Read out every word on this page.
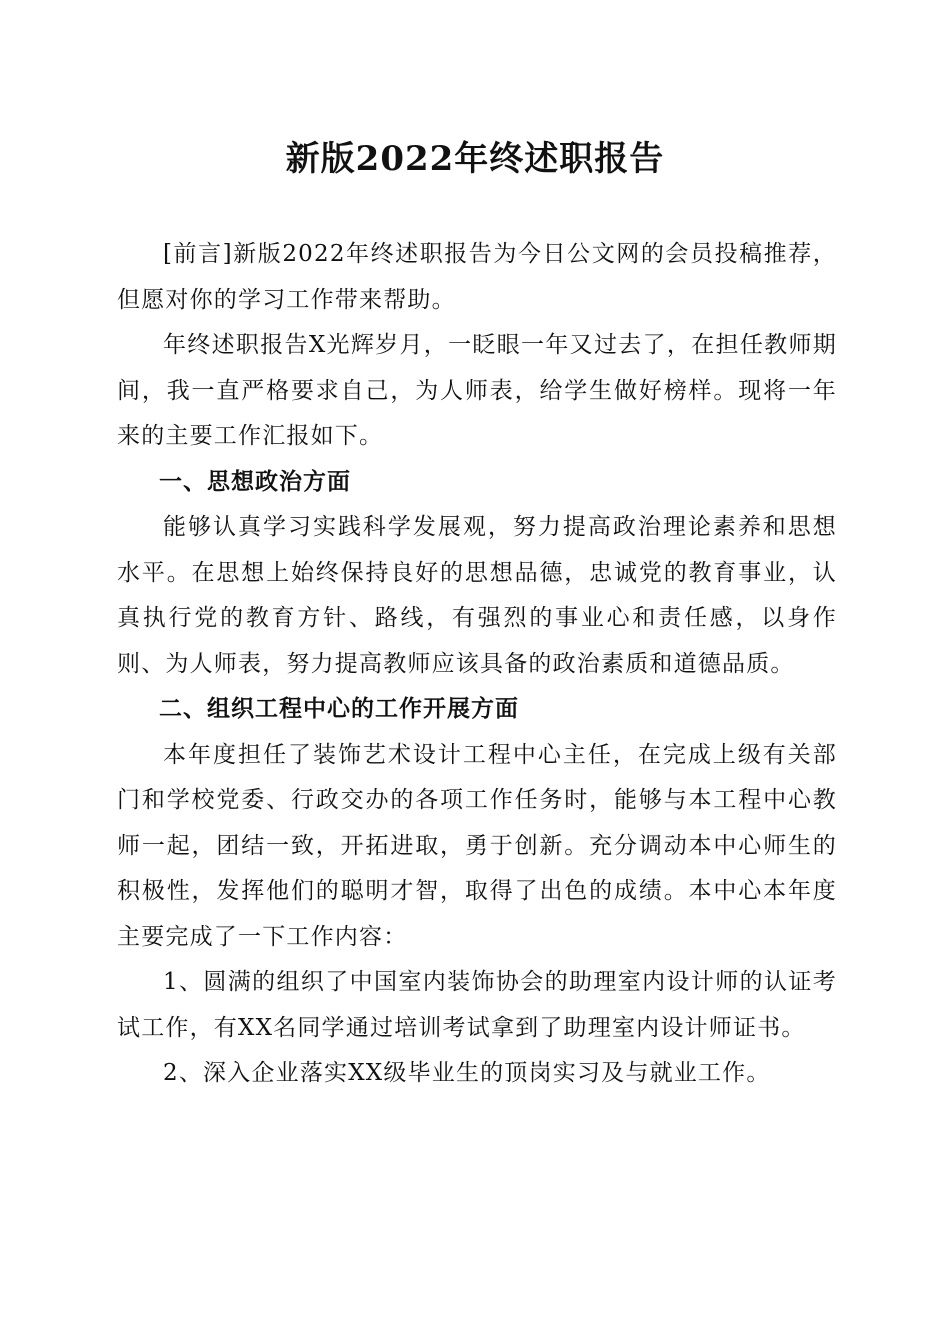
新版2022年终述职报告

[前言]新版2022年终述职报告为今日公文网的会员投稿推荐，但愿对你的学习工作带来帮助。

年终述职报告X光辉岁月，一眨眼一年又过去了，在担任教师期间，我一直严格要求自己，为人师表，给学生做好榜样。现将一年来的主要工作汇报如下。

一、思想政治方面

能够认真学习实践科学发展观，努力提高政治理论素养和思想水平。在思想上始终保持良好的思想品德，忠诚党的教育事业，认真执行党的教育方针、路线，有强烈的事业心和责任感，以身作则、为人师表，努力提高教师应该具备的政治素质和道德品质。

二、组织工程中心的工作开展方面

本年度担任了装饰艺术设计工程中心主任，在完成上级有关部门和学校党委、行政交办的各项工作任务时，能够与本工程中心教师一起，团结一致，开拓进取，勇于创新。充分调动本中心师生的积极性，发挥他们的聪明才智，取得了出色的成绩。本中心本年度主要完成了一下工作内容：

1、圆满的组织了中国室内装饰协会的助理室内设计师的认证考试工作，有XX名同学通过培训考试拿到了助理室内设计师证书。

2、深入企业落实XX级毕业生的顶岗实习及与就业工作。
